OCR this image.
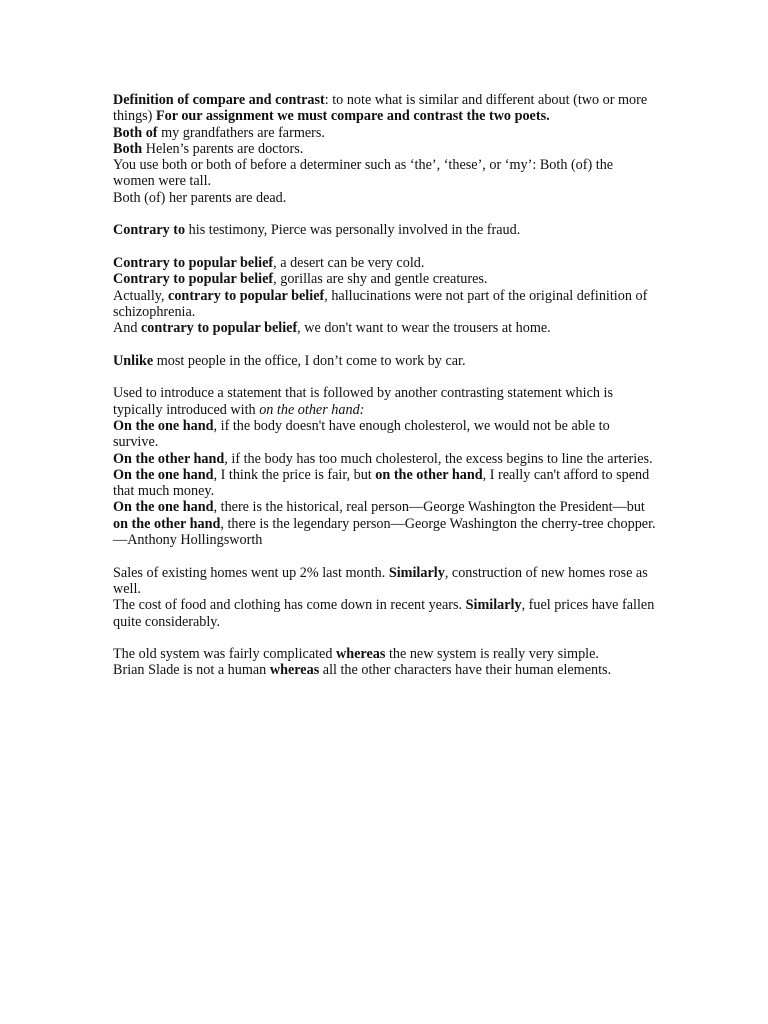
Definition of compare and contrast: to note what is similar and different about (two or more things) For our assignment we must compare and contrast the two poets.
Both of my grandfathers are farmers.
Both Helen’s parents are doctors.
You use both or both of before a determiner such as ‘the’, ‘these’, or ‘my’: Both (of) the women were tall.
Both (of) her parents are dead.
Contrary to his testimony, Pierce was personally involved in the fraud.
Contrary to popular belief, a desert can be very cold.
Contrary to popular belief, gorillas are shy and gentle creatures.
Actually, contrary to popular belief, hallucinations were not part of the original definition of schizophrenia.
And contrary to popular belief, we don't want to wear the trousers at home.
Unlike most people in the office, I don’t come to work by car.
Used to introduce a statement that is followed by another contrasting statement which is typically introduced with on the other hand:
On the one hand, if the body doesn't have enough cholesterol, we would not be able to survive.
On the other hand, if the body has too much cholesterol, the excess begins to line the arteries.
On the one hand, I think the price is fair, but on the other hand, I really can't afford to spend that much money.
On the one hand, there is the historical, real person—George Washington the President—but on the other hand, there is the legendary person—George Washington the cherry-tree chopper.—Anthony Hollingsworth
Sales of existing homes went up 2% last month. Similarly, construction of new homes rose as well.
The cost of food and clothing has come down in recent years. Similarly, fuel prices have fallen quite considerably.
The old system was fairly complicated whereas the new system is really very simple.
Brian Slade is not a human whereas all the other characters have their human elements.
